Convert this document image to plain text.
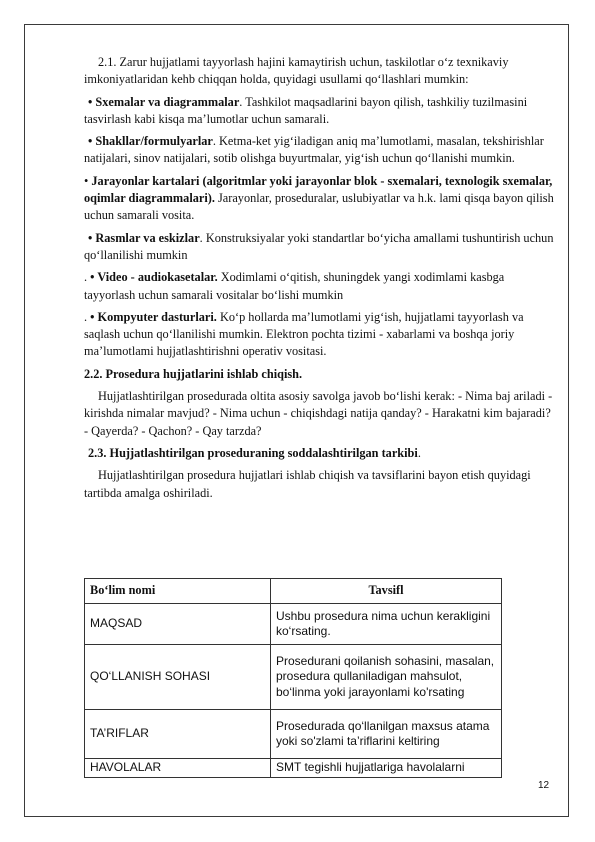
2.1. Zarur hujjatlami tayyorlash hajini kamaytirish uchun, taskilotlar o‘z texnikaviy imkoniyatlaridan kehb chiqqan holda, quyidagi usullami qo‘llashlari mumkin:

• Sxemalar va diagrammalar. Tashkilot maqsadlarini bayon qilish, tashkiliy tuzilmasini tasvirlash kabi kisqa ma’lumotlar uchun samarali.

• Shakllar/formulyarlar. Ketma-ket yig‘iladigan aniq ma’lumotlami, masalan, tekshirishlar natijalari, sinov natijalari, sotib olishga buyurtmalar, yig‘ish uchun qo‘llanishi mumkin.

• Jarayonlar kartalari (algoritmlar yoki jarayonlar blok - sxemalari, texnologik sxemalar, oqimlar diagrammalari). Jarayonlar, proseduralar, uslubiyatlar va h.k. lami qisqa bayon qilish uchun samarali vosita.

• Rasmlar va eskizlar. Konstruksiyalar yoki standartlar bo‘yicha amallami tushuntirish uchun qo‘llanilishi mumkin

. • Video - audiokasetalar. Xodimlami o‘qitish, shuningdek yangi xodimlami kasbga tayyorlash uchun samarali vositalar bo‘lishi mumkin

. • Kompyuter dasturlari. Ko‘p hollarda ma’lumotlami yig‘ish, hujjatlami tayyorlash va saqlash uchun qo‘llanilishi mumkin. Elektron pochta tizimi - xabarlami va boshqa joriy ma’lumotlami hujjatlashtirishni operativ vositasi.

2.2. Prosedura hujjatlarini ishlab chiqish.

Hujjatlashtirilgan prosedurada oltita asosiy savolga javob bo‘lishi kerak: - Nima baj ariladi - kirishda nimalar mavjud? - Nima uchun - chiqishdagi natija qanday? - Harakatni kim bajaradi? - Qayerda? - Qachon? - Qay tarzda?

2.3. Hujjatlashtirilgan proseduraning soddalashtirilgan tarkibi.

Hujjatlashtirilgan prosedura hujjatlari ishlab chiqish va tavsiflarini bayon etish quyidagi tartibda amalga oshiriladi.

Bo‘lim nomi	Tavsifl
MAQSAD	Ushbu prosedura nima uchun kerakligini ko‘rsating.
QO‘LLANISH SOHASI	Proseduranі qoilanish sohasini, masalan, prosedura qullaniladigan mahsulot, bo‘linma yoki jarayonlami ko'rsating
TA’RIFLAR	Prosedurada qo‘llanilgan maxsus atama yoki so'zlami ta’riflarini keltiring
HAVOLALAR	SMT tegishli hujjatlariga havolalarni
12
